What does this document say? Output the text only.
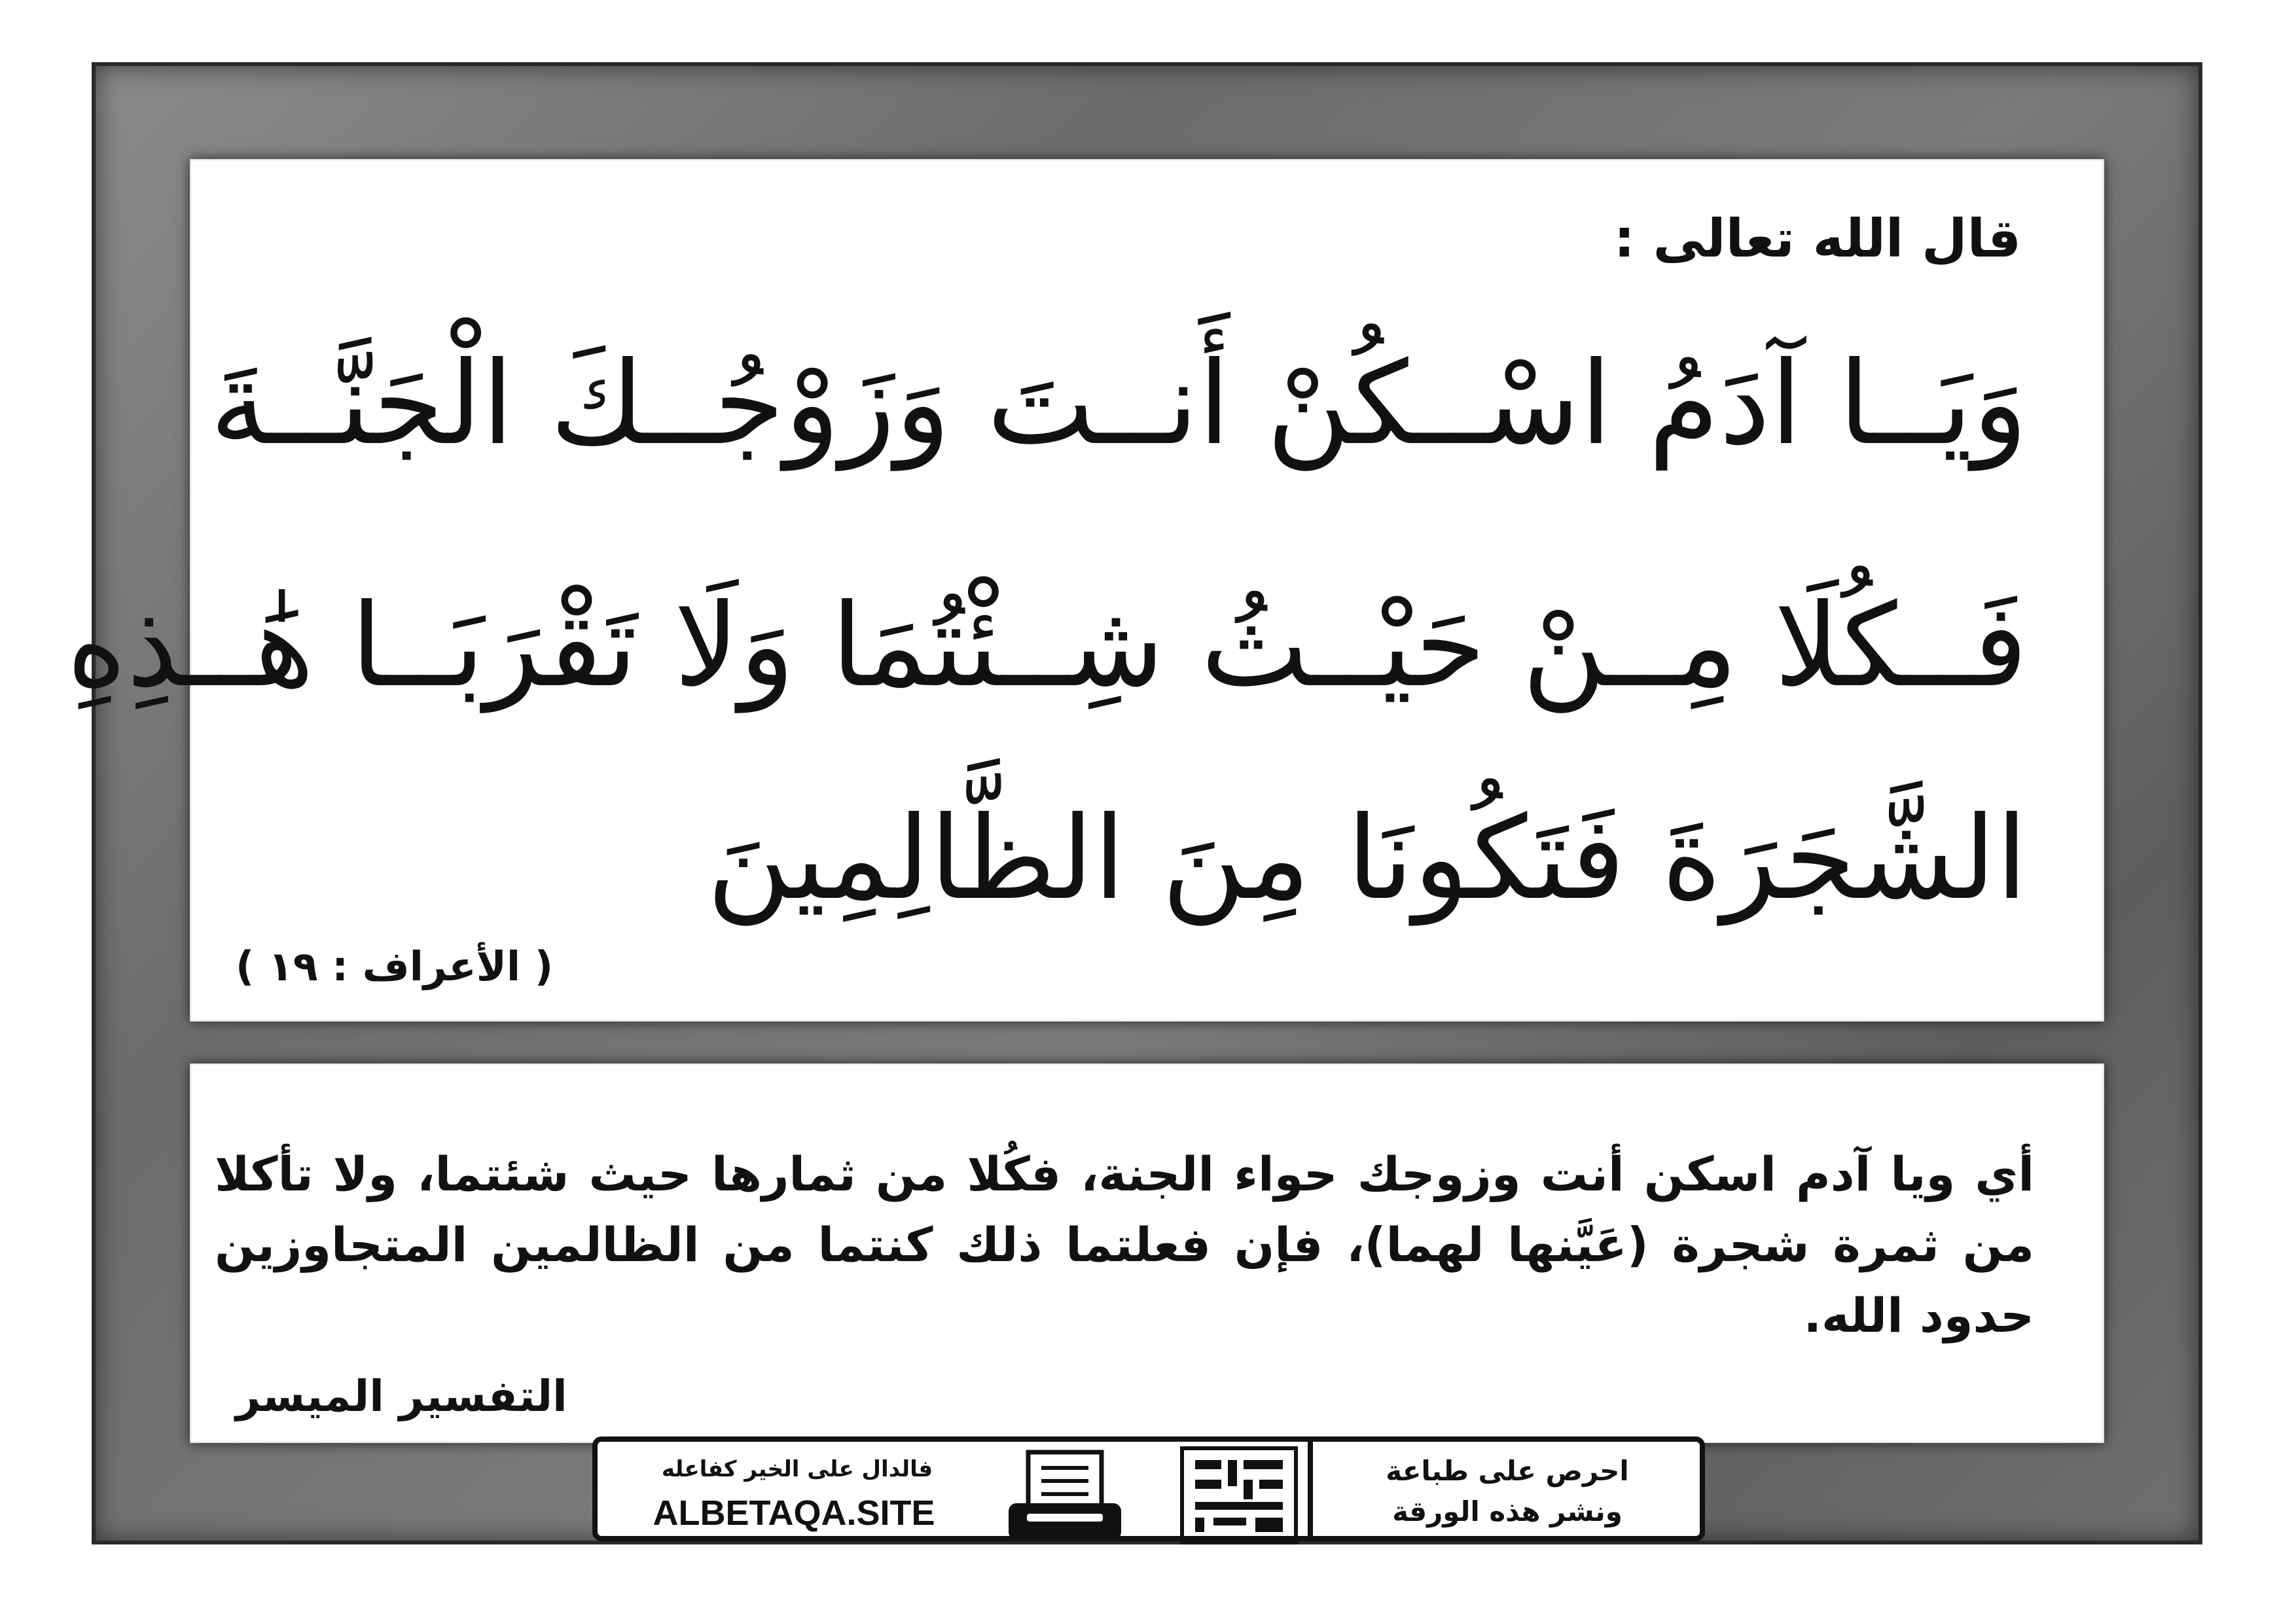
قال الله تعالى :
وَيَــا آدَمُ اسْــكُنْ أَنــتَ وَزَوْجُــكَ الْجَنَّــةَ
فَــكُلَا مِــنْ حَيْــثُ شِــئْتُمَا وَلَا تَقْرَبَــا هَٰــذِهِ
الشَّجَرَةَ فَتَكُونَا مِنَ الظَّالِمِينَ
( الأعراف : ١٩ )
أي ويا آدم اسكن أنت وزوجك حواء الجنة، فكُلا من ثمارها حيث شئتما، ولا تأكلا من ثمرة شجرة (عَيَّنها لهما)، فإن فعلتما ذلك كنتما من الظالمين المتجاوزين حدود الله.
التفسير الميسر
فالدال على الخير كفاعله
ALBETAQA.SITE
احرص على طباعة
ونشر هذه الورقة
